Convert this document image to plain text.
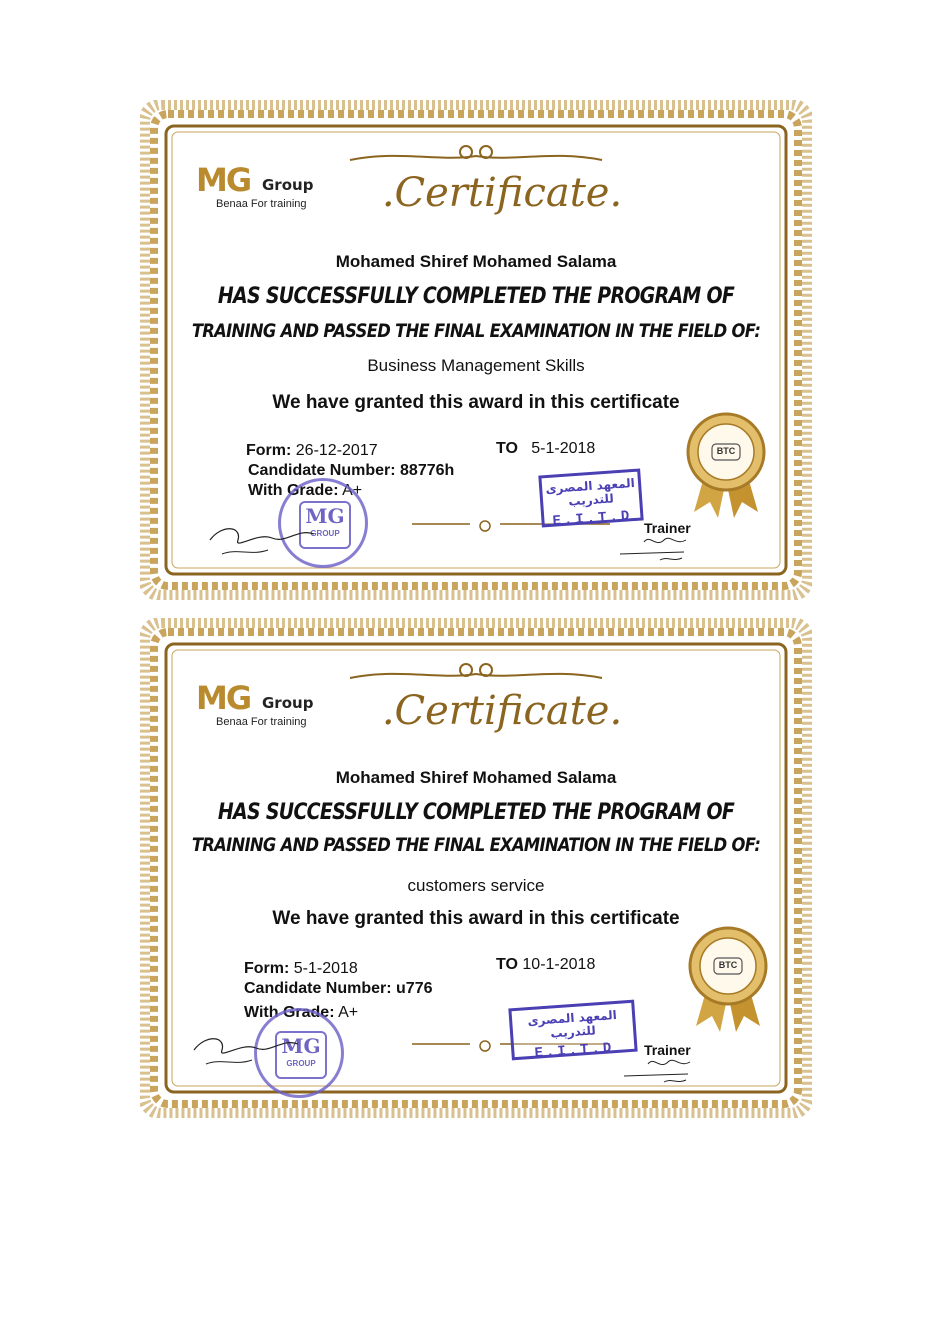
MG Group
Benaa For training	.Certificate.
Mohamed Shiref Mohamed Salama
HAS SUCCESSFULLY COMPLETED THE PROGRAM OF
TRAINING AND PASSED THE FINAL EXAMINATION IN THE FIELD OF:
Business Management Skills
We have granted this award in this certificate
Form: 26-12-2017	TO 5-1-2018
Candidate Number: 88776h
With Grade: A+
MG
GROUP
المعهد المصرى للتدريب
E.I.T.D
BTC
Trainer
MG Group
Benaa For training	.Certificate.
Mohamed Shiref Mohamed Salama
HAS SUCCESSFULLY COMPLETED THE PROGRAM OF
TRAINING AND PASSED THE FINAL EXAMINATION IN THE FIELD OF:
customers service
We have granted this award in this certificate
Form: 5-1-2018	TO 10-1-2018
Candidate Number: u776
With Grade: A+
MG
GROUP
المعهد المصرى للتدريب
E.I.T.D
BTC
Trainer
